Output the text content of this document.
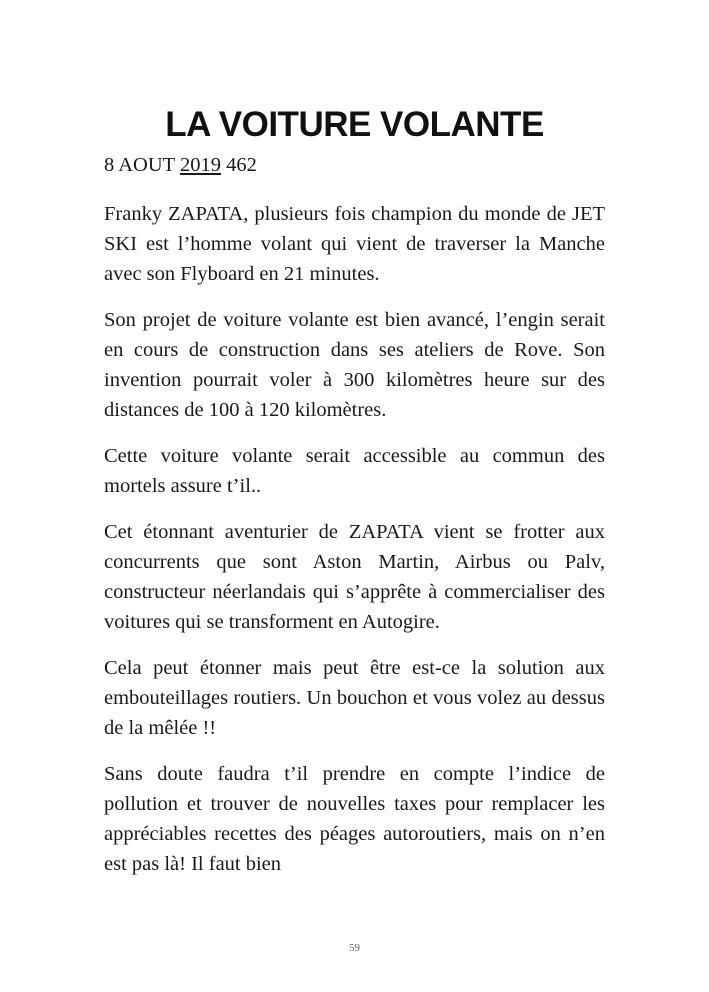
LA VOITURE VOLANTE

8 AOUT 2019 462

Franky ZAPATA, plusieurs fois champion du monde de JET SKI est l’homme volant qui vient de traverser la Manche avec son Flyboard en 21 minutes.

Son projet de voiture volante est bien avancé, l’engin serait en cours de construction dans ses ateliers de Rove. Son invention pourrait voler à 300 kilomètres heure sur des distances de 100 à 120 kilomètres.

Cette voiture volante serait accessible au commun des mortels assure t’il..

Cet étonnant aventurier de ZAPATA vient se frotter aux concurrents que sont Aston Martin, Airbus ou Palv, constructeur néerlandais qui s’apprête à commercialiser des voitures qui se transforment en Autogire.

Cela peut étonner mais peut être est-ce la solution aux embouteillages routiers. Un bouchon et vous volez au dessus de la mêlée !!

Sans doute faudra t’il prendre en compte l’indice de pollution et trouver de nouvelles taxes pour remplacer les appréciables recettes des péages autoroutiers, mais on n’en est pas là! Il faut bien

59
